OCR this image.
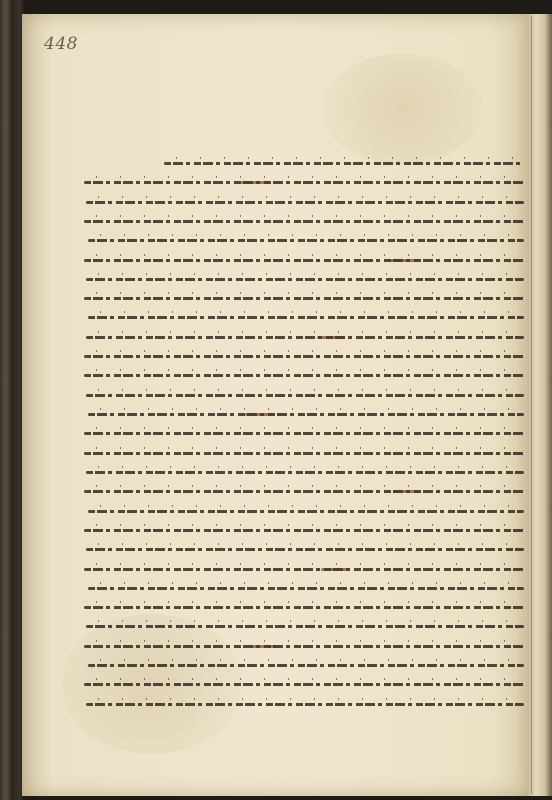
448
